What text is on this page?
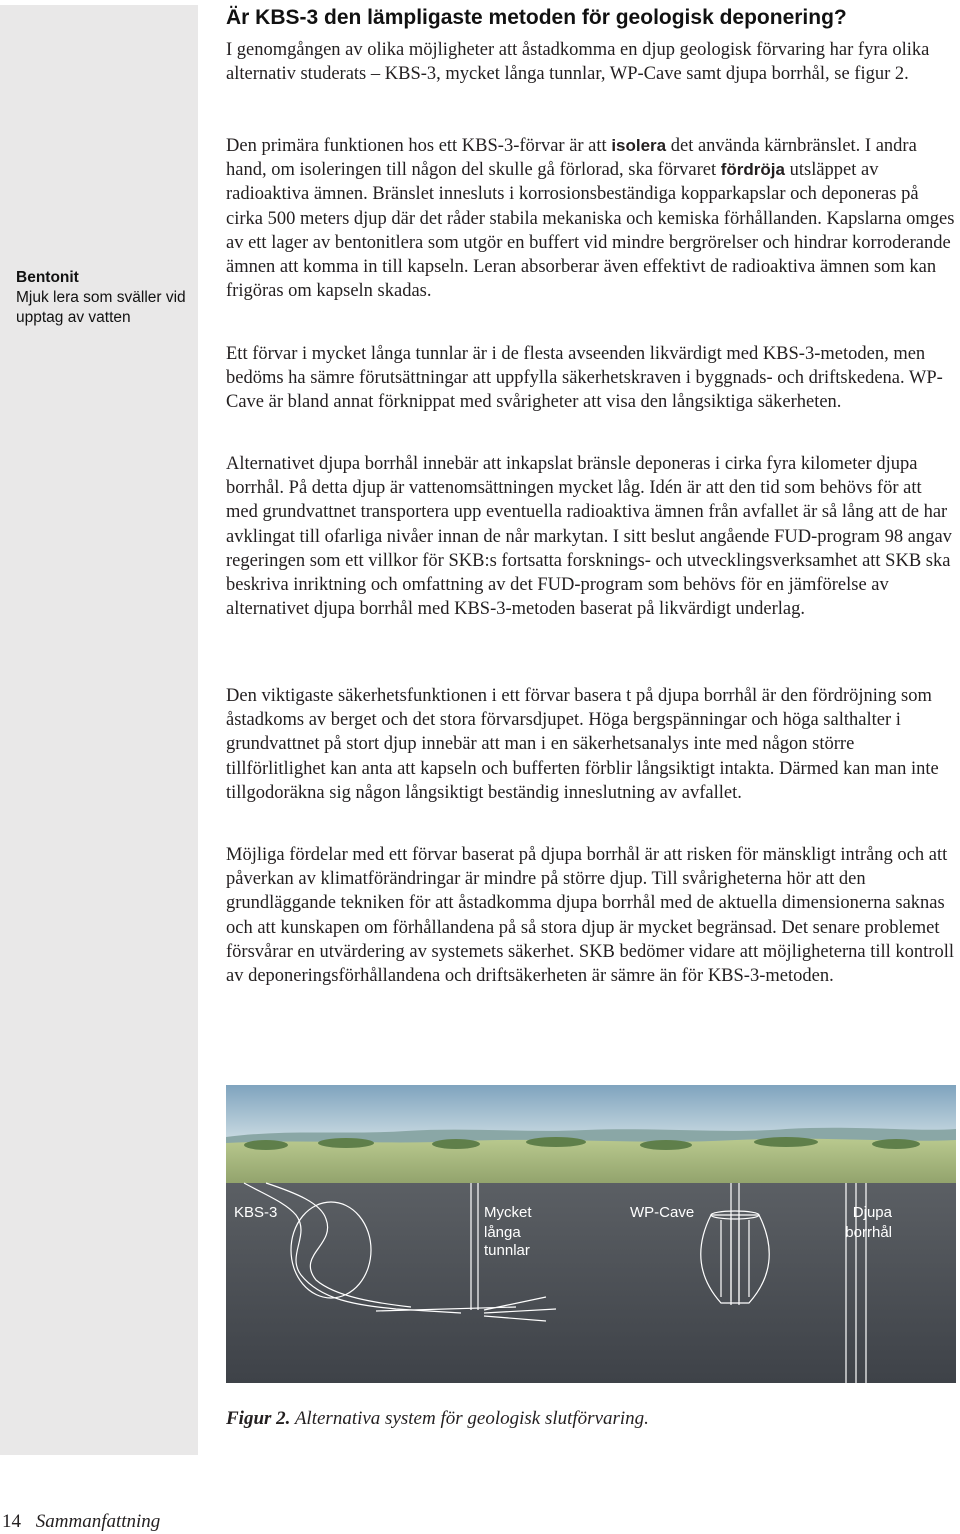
Bentonit
Mjuk lera som sväller vid upptag av vatten
Är KBS-3 den lämpligaste metoden för geologisk deponering?

I genomgången av olika möjligheter att åstadkomma en djup geologisk förvaring har fyra olika alternativ studerats – KBS-3, mycket långa tunnlar, WP-Cave samt djupa borrhål, se figur 2.

Den primära funktionen hos ett KBS-3-förvar är att isolera det använda kärnbränslet. I andra hand, om isoleringen till någon del skulle gå förlorad, ska förvaret fördröja utsläppet av radioaktiva ämnen. Bränslet innesluts i korrosionsbeständiga kopparkapslar och deponeras på cirka 500 meters djup där det råder stabila mekaniska och kemiska förhållanden. Kapslarna omges av ett lager av bentonitlera som utgör en buffert vid mindre bergrörelser och hindrar korroderande ämnen att komma in till kapseln. Leran absorberar även effektivt de radioaktiva ämnen som kan frigöras om kapseln skadas.

Ett förvar i mycket långa tunnlar är i de flesta avseenden likvärdigt med KBS-3-metoden, men bedöms ha sämre förutsättningar att uppfylla säkerhetskraven i byggnads- och driftskedena. WP-Cave är bland annat förknippat med svårigheter att visa den långsiktiga säkerheten.

Alternativet djupa borrhål innebär att inkapslat bränsle deponeras i cirka fyra kilometer djupa borrhål. På detta djup är vattenomsättningen mycket låg. Idén är att den tid som behövs för att med grundvattnet transportera upp eventuella radioaktiva ämnen från avfallet är så lång att de har avklingat till ofarliga nivåer innan de når markytan. I sitt beslut angående FUD-program 98 angav regeringen som ett villkor för SKB:s fortsatta forsknings- och utvecklingsverksamhet att SKB ska beskriva inriktning och omfattning av det FUD-program som behövs för en jämförelse av alternativet djupa borrhål med KBS-3-metoden baserat på likvärdigt underlag.

Den viktigaste säkerhetsfunktionen i ett förvar basera t på djupa borrhål är den fördröjning som åstadkoms av berget och det stora förvarsdjupet. Höga bergspänningar och höga salthalter i grundvattnet på stort djup innebär att man i en säkerhetsanalys inte med någon större tillförlitlighet kan anta att kapseln och bufferten förblir långsiktigt intakta. Därmed kan man inte tillgodoräkna sig någon långsiktigt beständig inneslutning av avfallet.

Möjliga fördelar med ett förvar baserat på djupa borrhål är att risken för mänskligt intrång och att påverkan av klimatförändringar är mindre på större djup. Till svårigheterna hör att den grundläggande tekniken för att åstadkomma djupa borrhål med de aktuella dimensionerna saknas och att kunskapen om förhållandena på så stora djup är mycket begränsad. Det senare problemet försvårar en utvärdering av systemets säkerhet. SKB bedömer vidare att möjligheterna till kontroll av deponeringsförhållandena och driftsäkerheten är sämre än för KBS-3-metoden.

KBS-3	Mycket
långa
tunnlar
WP-Cave	Djupa
borrhål

Figur 2. Alternativa system för geologisk slutförvaring.

14 Sammanfattning
